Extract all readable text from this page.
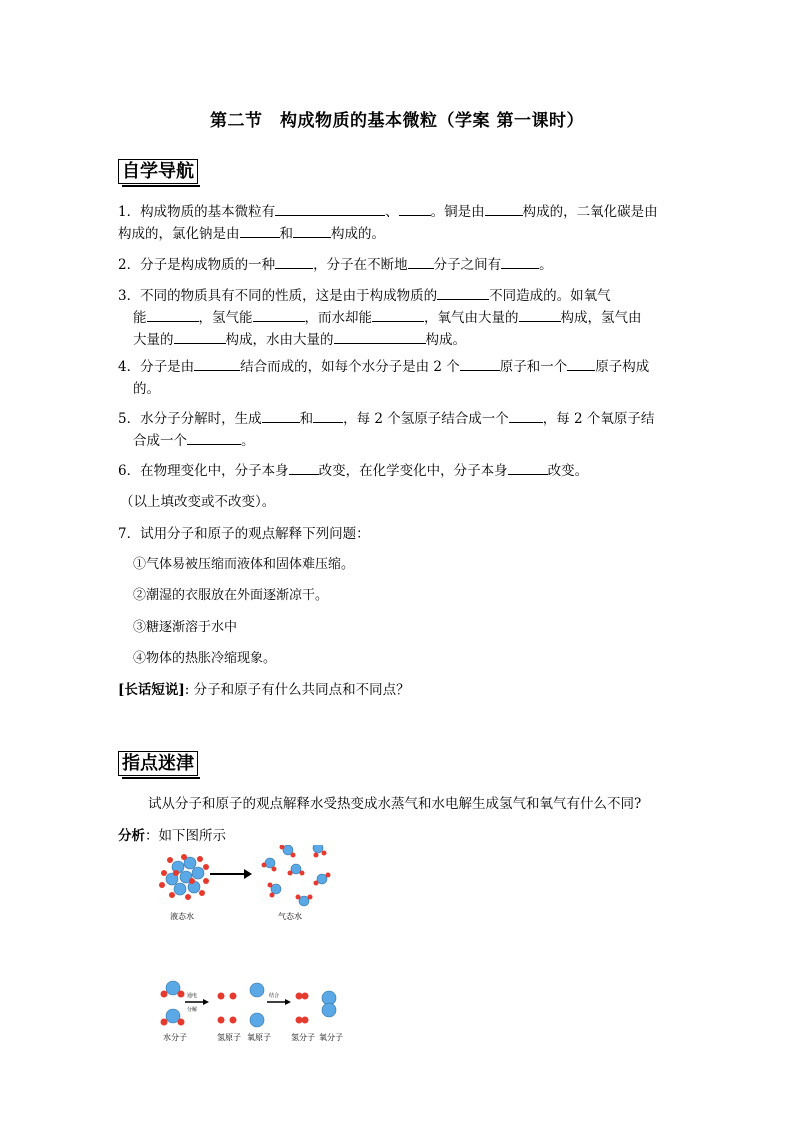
第二节　构成物质的基本微粒（学案 第一课时）
自学导航
1．构成物质的基本微粒有	、 。铜是由	构成的，二氧化碳是由
构成的，氯化钠是由	和	构成的。
2．分子是构成物质的一种	，分子在不断地 分子之间有	。
3．不同的物质具有不同的性质，这是由于构成物质的	不同造成的。如氧气
能	，氢气能	，而水却能	，氧气由大量的	构成，氢气由
大量的	构成，水由大量的	构成。
4．分子是由	结合而成的，如每个水分子是由 2 个	原子和一个 原子构成
的。
5．水分子分解时，生成	和 ，每 2 个氢原子结合成一个	，每 2 个氧原子结
合成一个	。
6．在物理变化中，分子本身 改变，在化学变化中，分子本身	改变。
（以上填改变或不改变）。
7．试用分子和原子的观点解释下列问题：
①气体易被压缩而液体和固体难压缩。
②潮湿的衣服放在外面逐渐凉干。
③糖逐渐溶于水中
④物体的热胀冷缩现象。
[长话短说]: 分子和原子有什么共同点和不同点？
指点迷津
试从分子和原子的观点解释水受热变成水蒸气和水电解生成氢气和氧气有什么不同?
分析：如下图所示
液态水	气态水
通电
分解
结合
水分子	氢原子 氧原子	氢分子 氧分子
